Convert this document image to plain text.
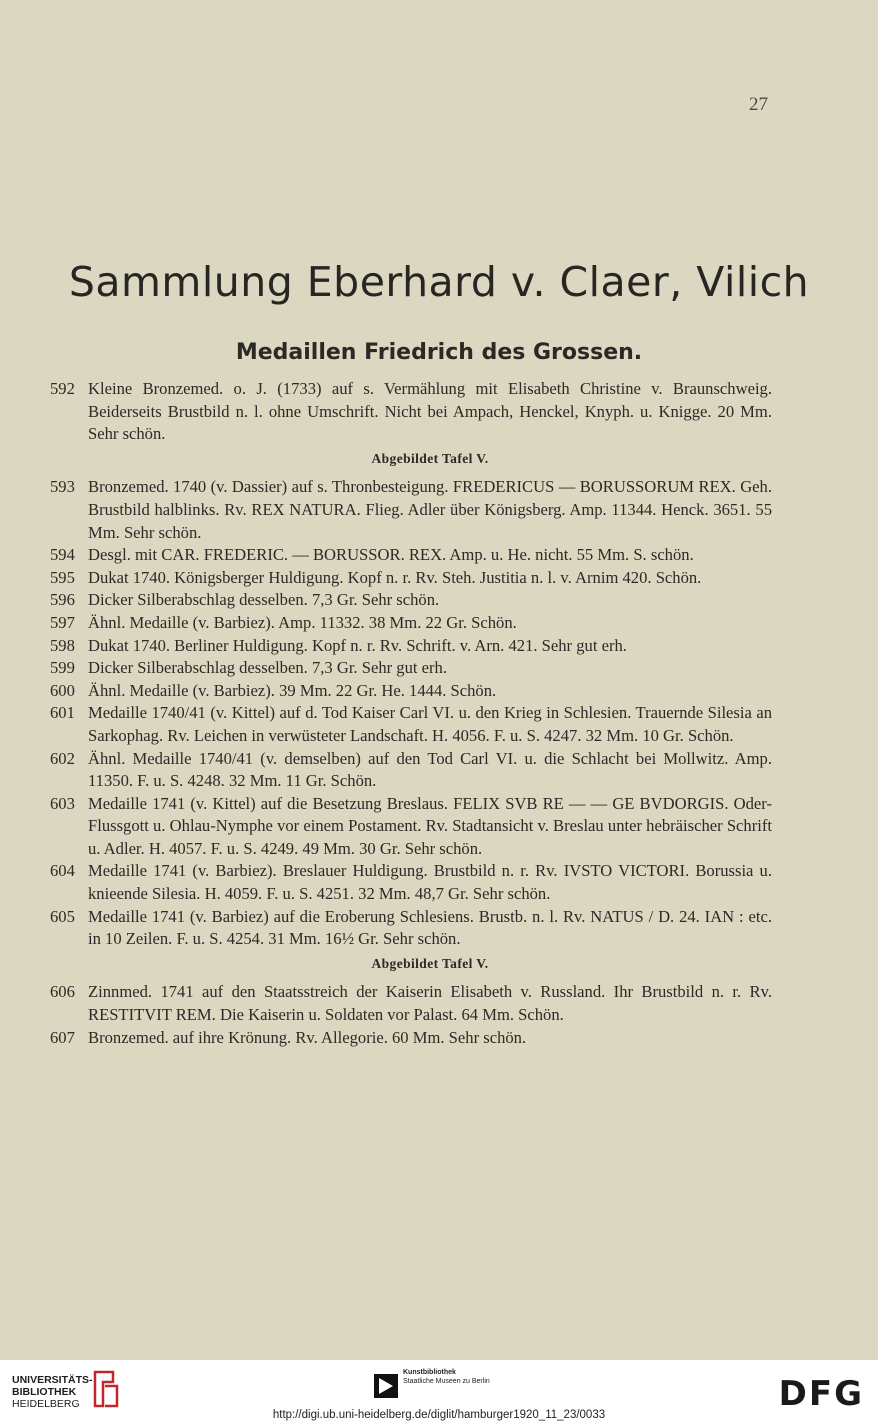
27
Sammlung Eberhard v. Claer, Vilich
Medaillen Friedrich des Grossen.
592 Kleine Bronzemed. o. J. (1733) auf s. Vermählung mit Elisabeth Christine v. Braunschweig. Beiderseits Brustbild n. l. ohne Umschrift. Nicht bei Ampach, Henckel, Knyph. u. Knigge. 20 Mm. Sehr schön.
Abgebildet Tafel V.
593 Bronzemed. 1740 (v. Dassier) auf s. Thronbesteigung. FREDERICUS — BORUSSORUM REX. Geh. Brustbild halblinks. Rv. REX NATURA. Flieg. Adler über Königsberg. Amp. 11344. Henck. 3651. 55 Mm. Sehr schön.
594 Desgl. mit CAR. FREDERIC. — BORUSSOR. REX. Amp. u. He. nicht. 55 Mm. S. schön.
595 Dukat 1740. Königsberger Huldigung. Kopf n. r. Rv. Steh. Justitia n. l. v. Arnim 420. Schön.
596 Dicker Silberabschlag desselben. 7,3 Gr. Sehr schön.
597 Ähnl. Medaille (v. Barbiez). Amp. 11332. 38 Mm. 22 Gr. Schön.
598 Dukat 1740. Berliner Huldigung. Kopf n. r. Rv. Schrift. v. Arn. 421. Sehr gut erh.
599 Dicker Silberabschlag desselben. 7,3 Gr. Sehr gut erh.
600 Ähnl. Medaille (v. Barbiez). 39 Mm. 22 Gr. He. 1444. Schön.
601 Medaille 1740/41 (v. Kittel) auf d. Tod Kaiser Carl VI. u. den Krieg in Schlesien. Trauernde Silesia an Sarkophag. Rv. Leichen in verwüsteter Landschaft. H. 4056. F. u. S. 4247. 32 Mm. 10 Gr. Schön.
602 Ähnl. Medaille 1740/41 (v. demselben) auf den Tod Carl VI. u. die Schlacht bei Mollwitz. Amp. 11350. F. u. S. 4248. 32 Mm. 11 Gr. Schön.
603 Medaille 1741 (v. Kittel) auf die Besetzung Breslaus. FELIX SVB RE — — GE BVDORGIS. Oder-Flussgott u. Ohlau-Nymphe vor einem Postament. Rv. Stadtansicht v. Breslau unter hebräischer Schrift u. Adler. H. 4057. F. u. S. 4249. 49 Mm. 30 Gr. Sehr schön.
604 Medaille 1741 (v. Barbiez). Breslauer Huldigung. Brustbild n. r. Rv. IVSTO VICTORI. Borussia u. knieende Silesia. H. 4059. F. u. S. 4251. 32 Mm. 48,7 Gr. Sehr schön.
605 Medaille 1741 (v. Barbiez) auf die Eroberung Schlesiens. Brustb. n. l. Rv. NATUS / D. 24. IAN : etc. in 10 Zeilen. F. u. S. 4254. 31 Mm. 16½ Gr. Sehr schön.
Abgebildet Tafel V.
606 Zinnmed. 1741 auf den Staatsstreich der Kaiserin Elisabeth v. Russland. Ihr Brustbild n. r. Rv. RESTITVIT REM. Die Kaiserin u. Soldaten vor Palast. 64 Mm. Schön.
607 Bronzemed. auf ihre Krönung. Rv. Allegorie. 60 Mm. Sehr schön.
UNIVERSITÄTS-
BIBLIOTHEK
HEIDELBERG
Kunstbibliothek
Staatliche Museen zu Berlin	DFG
http://digi.ub.uni-heidelberg.de/diglit/hamburger1920_11_23/0033
